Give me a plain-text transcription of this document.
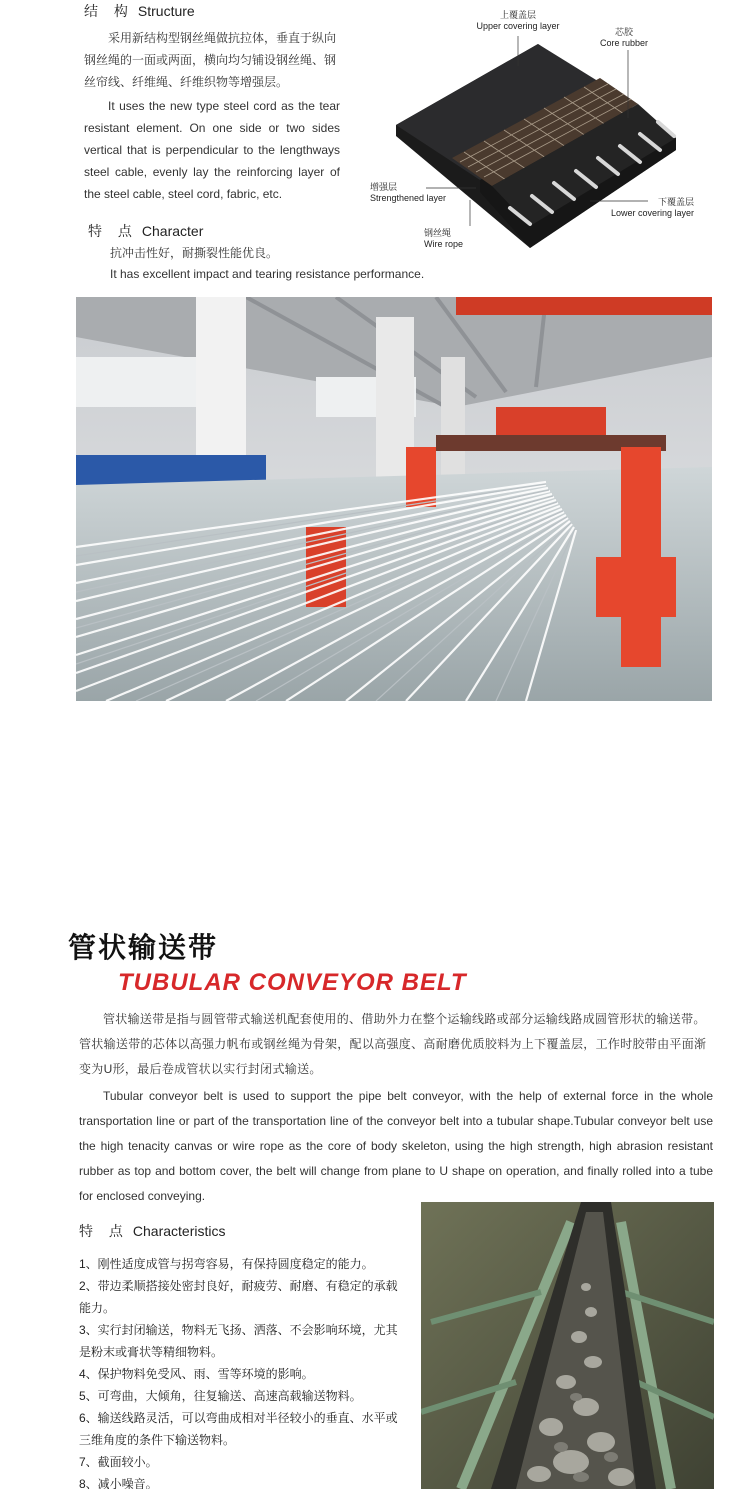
结 构 Structure
采用新结构型钢丝绳做抗拉体，垂直于纵向钢丝绳的一面或两面，横向均匀铺设钢丝绳、钢丝帘线、纤维绳、纤维织物等增强层。
It uses the new type steel cord as the tear resistant element. On one side or two sides vertical that is perpendicular to the lengthways steel cable, evenly lay the reinforcing layer of the steel cable, steel cord, fabric, etc.
特 点 Character
抗冲击性好，耐撕裂性能优良。
It has excellent impact and tearing resistance performance.
上覆盖层
Upper covering layer
芯胶
Core rubber
增强层
Strengthened layer	下覆盖层
Lower covering layer
钢丝绳
Wire rope
管状输送带
TUBULAR CONVEYOR BELT
管状输送带是指与圆管带式输送机配套使用的、借助外力在整个运输线路或部分运输线路成圆管形状的输送带。管状输送带的芯体以高强力帆布或钢丝绳为骨架，配以高强度、高耐磨优质胶料为上下覆盖层，工作时胶带由平面渐变为U形，最后卷成管状以实行封闭式输送。
Tubular conveyor belt is used to support the pipe belt conveyor, with the help of external force in the whole transportation line or part of the transportation line of the conveyor belt into a tubular shape.Tubular conveyor belt use the high tenacity canvas or wire rope as the core of body skeleton, using the high strength, high abrasion resistant rubber as top and bottom cover, the belt will change from plane to U shape on operation, and finally rolled into a tube for enclosed conveying.
特 点 Characteristics
1、刚性适度成管与拐弯容易，有保持圆度稳定的能力。
2、带边柔顺搭接处密封良好，耐疲劳、耐磨、有稳定的承载能力。
3、实行封闭输送，物料无飞扬、洒落、不会影响环境，尤其是粉末或膏状等精细物料。
4、保护物料免受风、雨、雪等环境的影响。
5、可弯曲，大倾角，往复输送、高速高载输送物料。
6、输送线路灵活，可以弯曲成相对半径较小的垂直、水平或三维角度的条件下输送物料。
7、截面较小。
8、减小噪音。
